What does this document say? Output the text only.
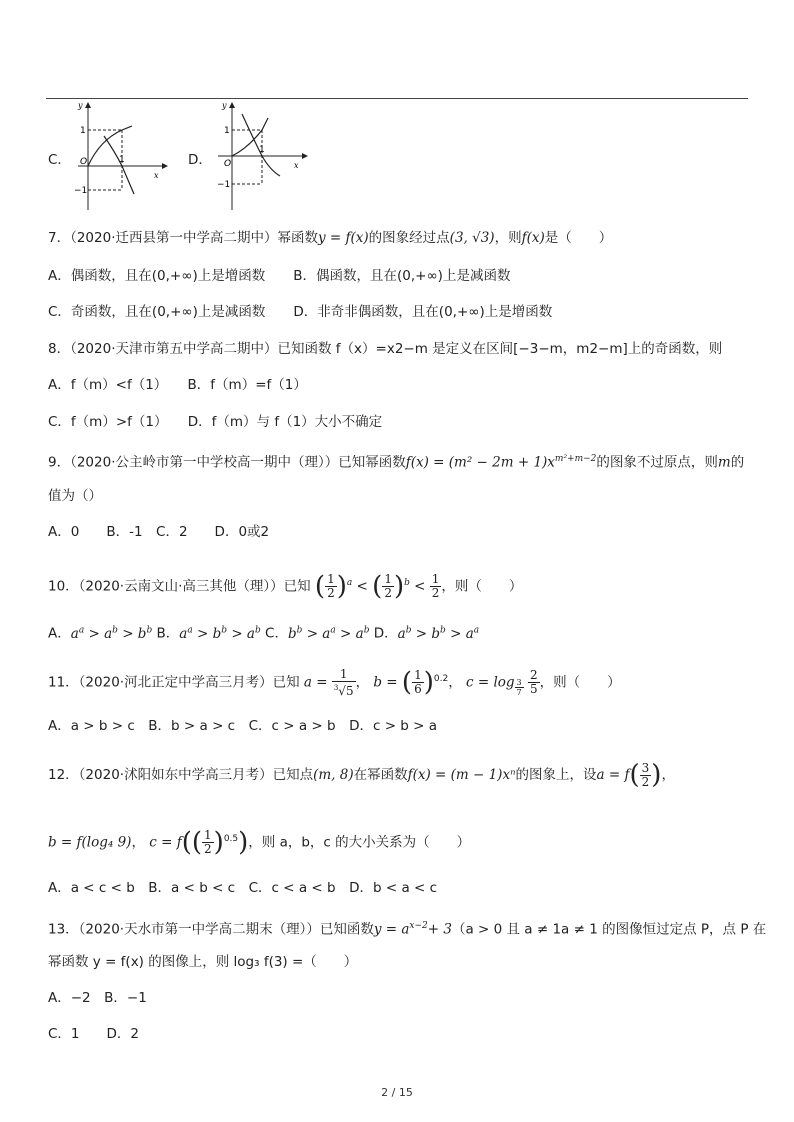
C．
y
x
1
1
−1
O	D．
y
x
1
1
−1
O
7．（2020·迁西县第一中学高二期中）幂函数y = f(x)的图象经过点(3, √3)，则f(x)是（　　）
A．偶函数，且在(0,+∞)上是增函数 B．偶函数，且在(0,+∞)上是减函数
C．奇函数，且在(0,+∞)上是减函数 D．非奇非偶函数，且在(0,+∞)上是增函数
8．（2020·天津市第五中学高二期中）已知函数 f（x）=x2−m 是定义在区间[−3−m，m2−m]上的奇函数，则
A．f（m）<f（1）　　B．f（m）=f（1）
C．f（m）>f（1）　　D．f（m）与 f（1）大小不确定
9．（2020·公主岭市第一中学校高一期中（理））已知幂函数$f(x) = (m^2 - 2m + 1)x^{m^2+m-2}$的图象不过原点，则m的
值为（）
A．0　　B．-1　C．2　　D．0或2
10．（2020·云南文山·高三其他（理））已知 ( $\frac{1}{2} )^a$ < ( $\frac{1}{2} )^b < \frac{1}{2}$ ，则（　　）
A．$a^a > a^b > b^b$ B．$a^a > b^b > a^b$ C．$b^b > a^a > a^b$ D．$a^b > b^b > a^a$
11．（2020·河北正定中学高三月考）已知 $a = \frac{1}{^3√5}$ ， b = ( $\frac{1}{6} )^{0.2}$， c = log $_{\frac{3}{7}}$
$\frac{2}{5}$ ，则（　　）
A．a > b > c　B．b > a > c　C．c > a > b　D．c > b > a
12．（2020·沭阳如东中学高三月考）已知点(m, 8)在幂函数f(x) = (m − 1)xⁿ的图象上，设$a = f( \frac{3}{2}$ )，
b = f(log₄ 9)， $c = f(( \frac{1}{2} )^{0.5})$，则 a，b，c 的大小关系为（　　）
A．a < c < b　B．a < b < c　C．c < a < b　D．b < a < c
13．（2020·天水市第一中学高二期末（理））已知函数$y = a^{x-2}+ 3(a > 0$ 且 a ≠ 1a ≠ 1 的图像恒过定点 P，点 P 在
幂函数 y = f(x) 的图像上，则 log₃ f(3) =（　　）
A．−2　B．−1
C．1　　D．2
2 / 15
